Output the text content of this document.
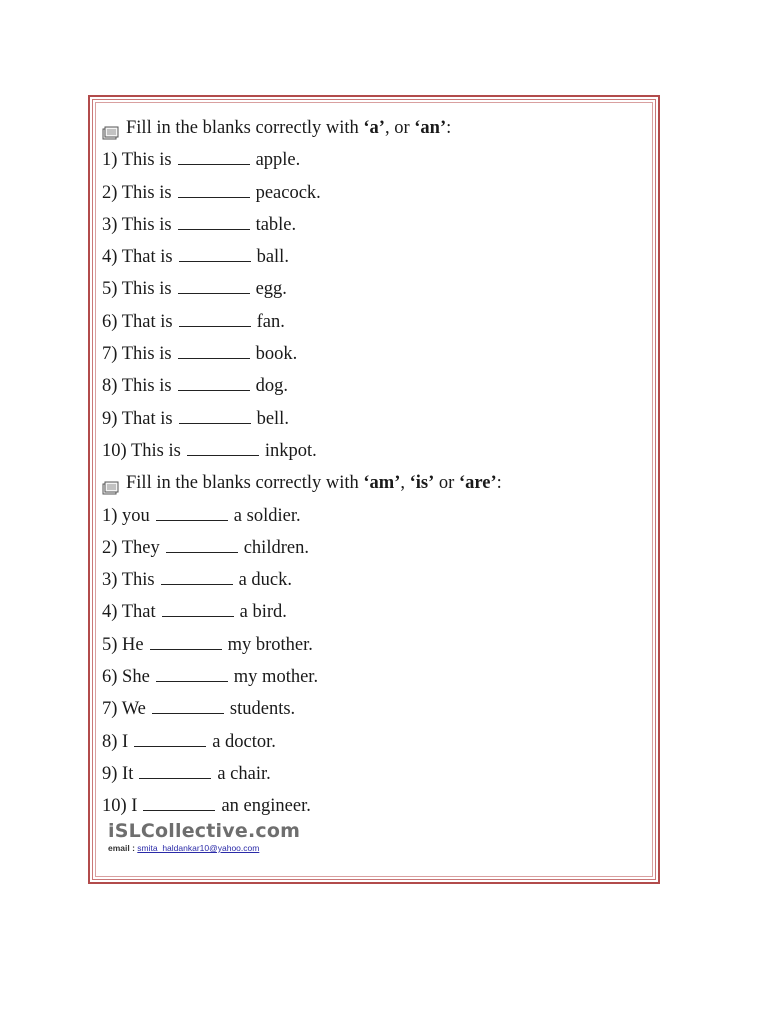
Fill in the blanks correctly with ‘a’, or ‘an’:
1) This is	apple.
2) This is	peacock.
3) This is	table.
4) That is	ball.
5) This is	egg.
6) That is	fan.
7) This is	book.
8) This is	dog.
9) That is	bell.
10) This is	inkpot.
Fill in the blanks correctly with ‘am’, ‘is’ or ‘are’:
1) you	a soldier.
2) They	children.
3) This	a duck.
4) That	a bird.
5) He	my brother.
6) She	my mother.
7) We	students.
8) I	a doctor.
9) It	a chair.
10) I	an engineer.
iSLCollective.com
email : smita_haldankar10@yahoo.com
